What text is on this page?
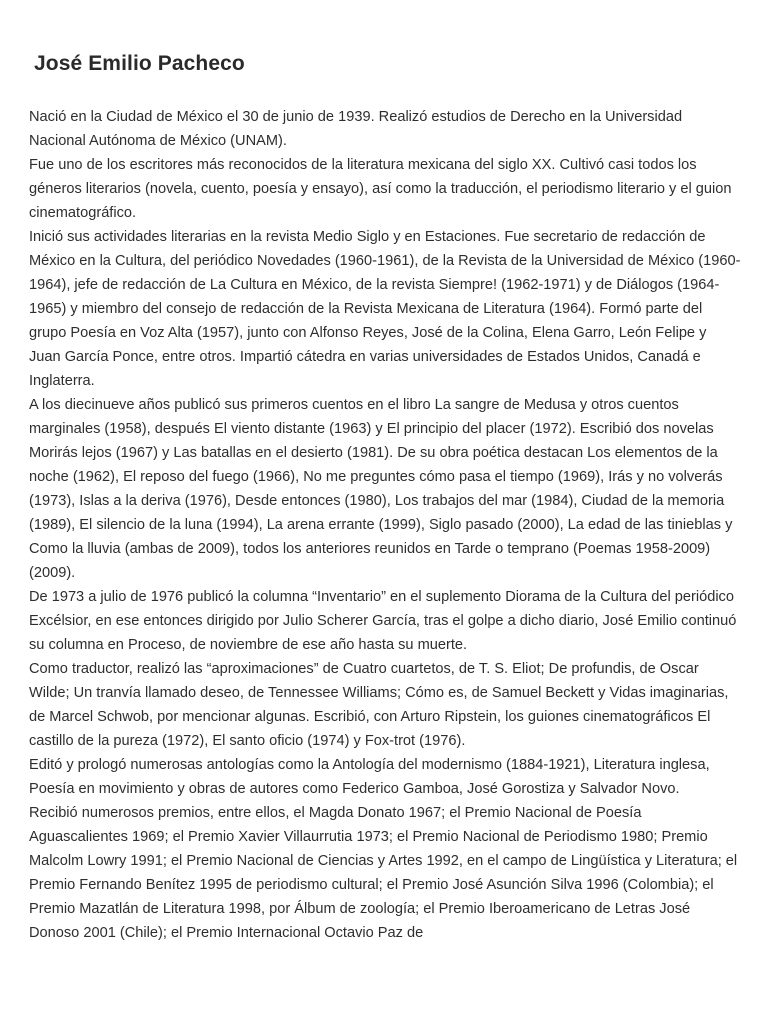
José Emilio Pacheco

Nació en la Ciudad de México el 30 de junio de 1939. Realizó estudios de Derecho en la Universidad Nacional Autónoma de México (UNAM).

Fue uno de los escritores más reconocidos de la literatura mexicana del siglo XX. Cultivó casi todos los géneros literarios (novela, cuento, poesía y ensayo), así como la traducción, el periodismo literario y el guion cinematográfico.

Inició sus actividades literarias en la revista Medio Siglo y en Estaciones. Fue secretario de redacción de México en la Cultura, del periódico Novedades (1960-1961), de la Revista de la Universidad de México (1960-1964), jefe de redacción de La Cultura en México, de la revista Siempre! (1962-1971) y de Diálogos (1964-1965) y miembro del consejo de redacción de la Revista Mexicana de Literatura (1964). Formó parte del grupo Poesía en Voz Alta (1957), junto con Alfonso Reyes, José de la Colina, Elena Garro, León Felipe y Juan García Ponce, entre otros. Impartió cátedra en varias universidades de Estados Unidos, Canadá e Inglaterra.

A los diecinueve años publicó sus primeros cuentos en el libro La sangre de Medusa y otros cuentos marginales (1958), después El viento distante (1963) y El principio del placer (1972). Escribió dos novelas Morirás lejos (1967) y Las batallas en el desierto (1981). De su obra poética destacan Los elementos de la noche (1962), El reposo del fuego (1966), No me preguntes cómo pasa el tiempo (1969), Irás y no volverás (1973), Islas a la deriva (1976), Desde entonces (1980), Los trabajos del mar (1984), Ciudad de la memoria (1989), El silencio de la luna (1994), La arena errante (1999), Siglo pasado (2000), La edad de las tinieblas y Como la lluvia (ambas de 2009), todos los anteriores reunidos en Tarde o temprano (Poemas 1958-2009) (2009).

De 1973 a julio de 1976 publicó la columna “Inventario” en el suplemento Diorama de la Cultura del periódico Excélsior, en ese entonces dirigido por Julio Scherer García, tras el golpe a dicho diario, José Emilio continuó su columna en Proceso, de noviembre de ese año hasta su muerte.

Como traductor, realizó las “aproximaciones” de Cuatro cuartetos, de T. S. Eliot; De profundis, de Oscar Wilde; Un tranvía llamado deseo, de Tennessee Williams; Cómo es, de Samuel Beckett y Vidas imaginarias, de Marcel Schwob, por mencionar algunas. Escribió, con Arturo Ripstein, los guiones cinematográficos El castillo de la pureza (1972), El santo oficio (1974) y Fox-trot (1976).

Editó y prologó numerosas antologías como la Antología del modernismo (1884-1921), Literatura inglesa, Poesía en movimiento y obras de autores como Federico Gamboa, José Gorostiza y Salvador Novo.

Recibió numerosos premios, entre ellos, el Magda Donato 1967; el Premio Nacional de Poesía Aguascalientes 1969; el Premio Xavier Villaurrutia 1973; el Premio Nacional de Periodismo 1980; Premio Malcolm Lowry 1991; el Premio Nacional de Ciencias y Artes 1992, en el campo de Lingüística y Literatura; el Premio Fernando Benítez 1995 de periodismo cultural; el Premio José Asunción Silva 1996 (Colombia); el Premio Mazatlán de Literatura 1998, por Álbum de zoología; el Premio Iberoamericano de Letras José Donoso 2001 (Chile); el Premio Internacional Octavio Paz de
